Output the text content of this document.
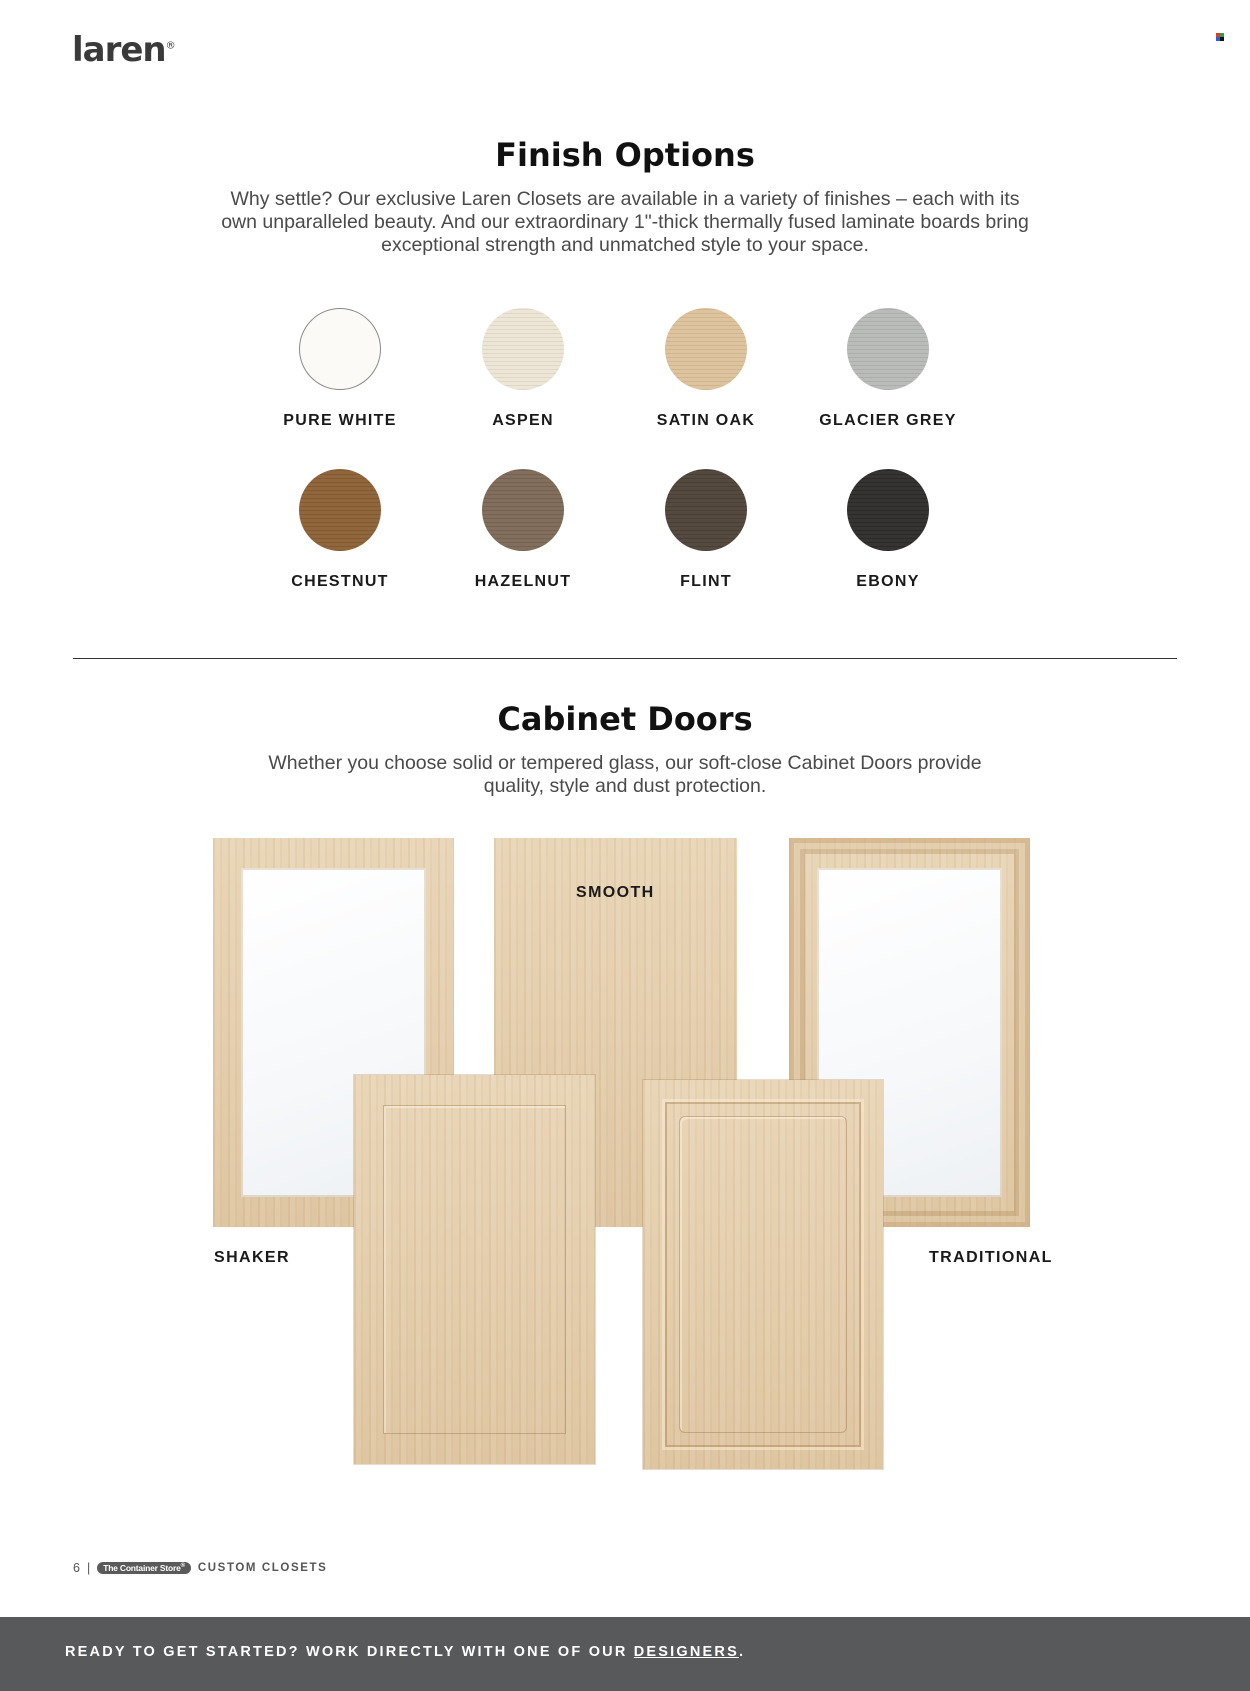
laren®
Finish Options
Why settle? Our exclusive Laren Closets are available in a variety of finishes – each with its
own unparalleled beauty. And our extraordinary 1"-thick thermally fused laminate boards bring
exceptional strength and unmatched style to your space.
PURE WHITE	ASPEN	SATIN OAK	GLACIER GREY
CHESTNUT	HAZELNUT	FLINT	EBONY
Cabinet Doors
Whether you choose solid or tempered glass, our soft-close Cabinet Doors provide
quality, style and dust protection.
SMOOTH
SHAKER	TRADITIONAL
6 |	The Container Store®	CUSTOM CLOSETS
READY TO GET STARTED? WORK DIRECTLY WITH ONE OF OUR DESIGNERS.
